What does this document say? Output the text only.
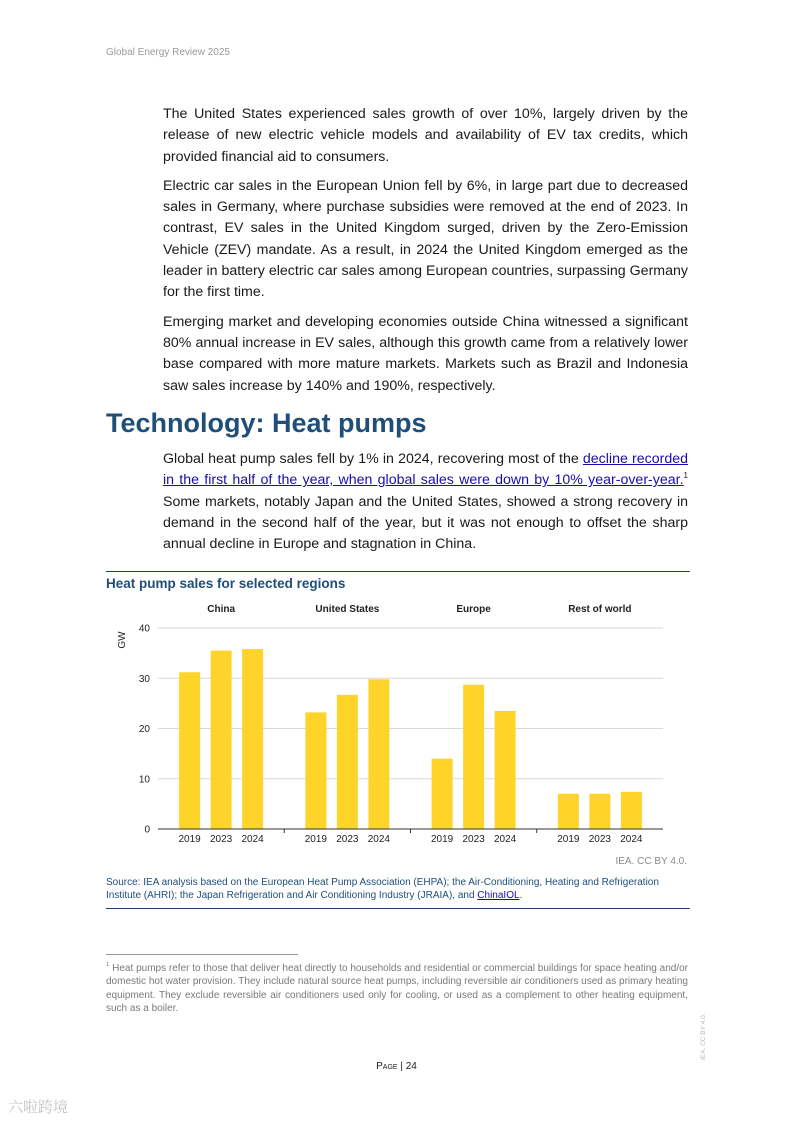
Global Energy Review 2025

The United States experienced sales growth of over 10%, largely driven by the release of new electric vehicle models and availability of EV tax credits, which provided financial aid to consumers.

Electric car sales in the European Union fell by 6%, in large part due to decreased sales in Germany, where purchase subsidies were removed at the end of 2023. In contrast, EV sales in the United Kingdom surged, driven by the Zero-Emission Vehicle (ZEV) mandate. As a result, in 2024 the United Kingdom emerged as the leader in battery electric car sales among European countries, surpassing Germany for the first time.

Emerging market and developing economies outside China witnessed a significant 80% annual increase in EV sales, although this growth came from a relatively lower base compared with more mature markets. Markets such as Brazil and Indonesia saw sales increase by 140% and 190%, respectively.

Technology: Heat pumps

Global heat pump sales fell by 1% in 2024, recovering most of the decline recorded in the first half of the year, when global sales were down by 10% year-over-year.$^1$ Some markets, notably Japan and the United States, showed a strong recovery in demand in the second half of the year, but it was not enough to offset the sharp annual decline in Europe and stagnation in China.

Heat pump sales for selected regions
0
10
20
30
40
GW
China
2019 2023 2024
United States
2019 2023 2024
Europe
2019 2023 2024
Rest of world
2019 2023 2024
IEA. CC BY 4.0.
Source: IEA analysis based on the European Heat Pump Association (EHPA); the Air-Conditioning, Heating and Refrigeration Institute (AHRI); the Japan Refrigeration and Air Conditioning Industry (JRAIA), and ChinaIOL.
$^1$ Heat pumps refer to those that deliver heat directly to households and residential or commercial buildings for space heating and/or domestic hot water provision. They include natural source heat pumps, including reversible air conditioners used as primary heating equipment. They exclude reversible air conditioners used only for cooling, or used as a complement to other heating equipment, such as a boiler.
Page | 24
IEA. CC BY 4.0.
六啦跨境
